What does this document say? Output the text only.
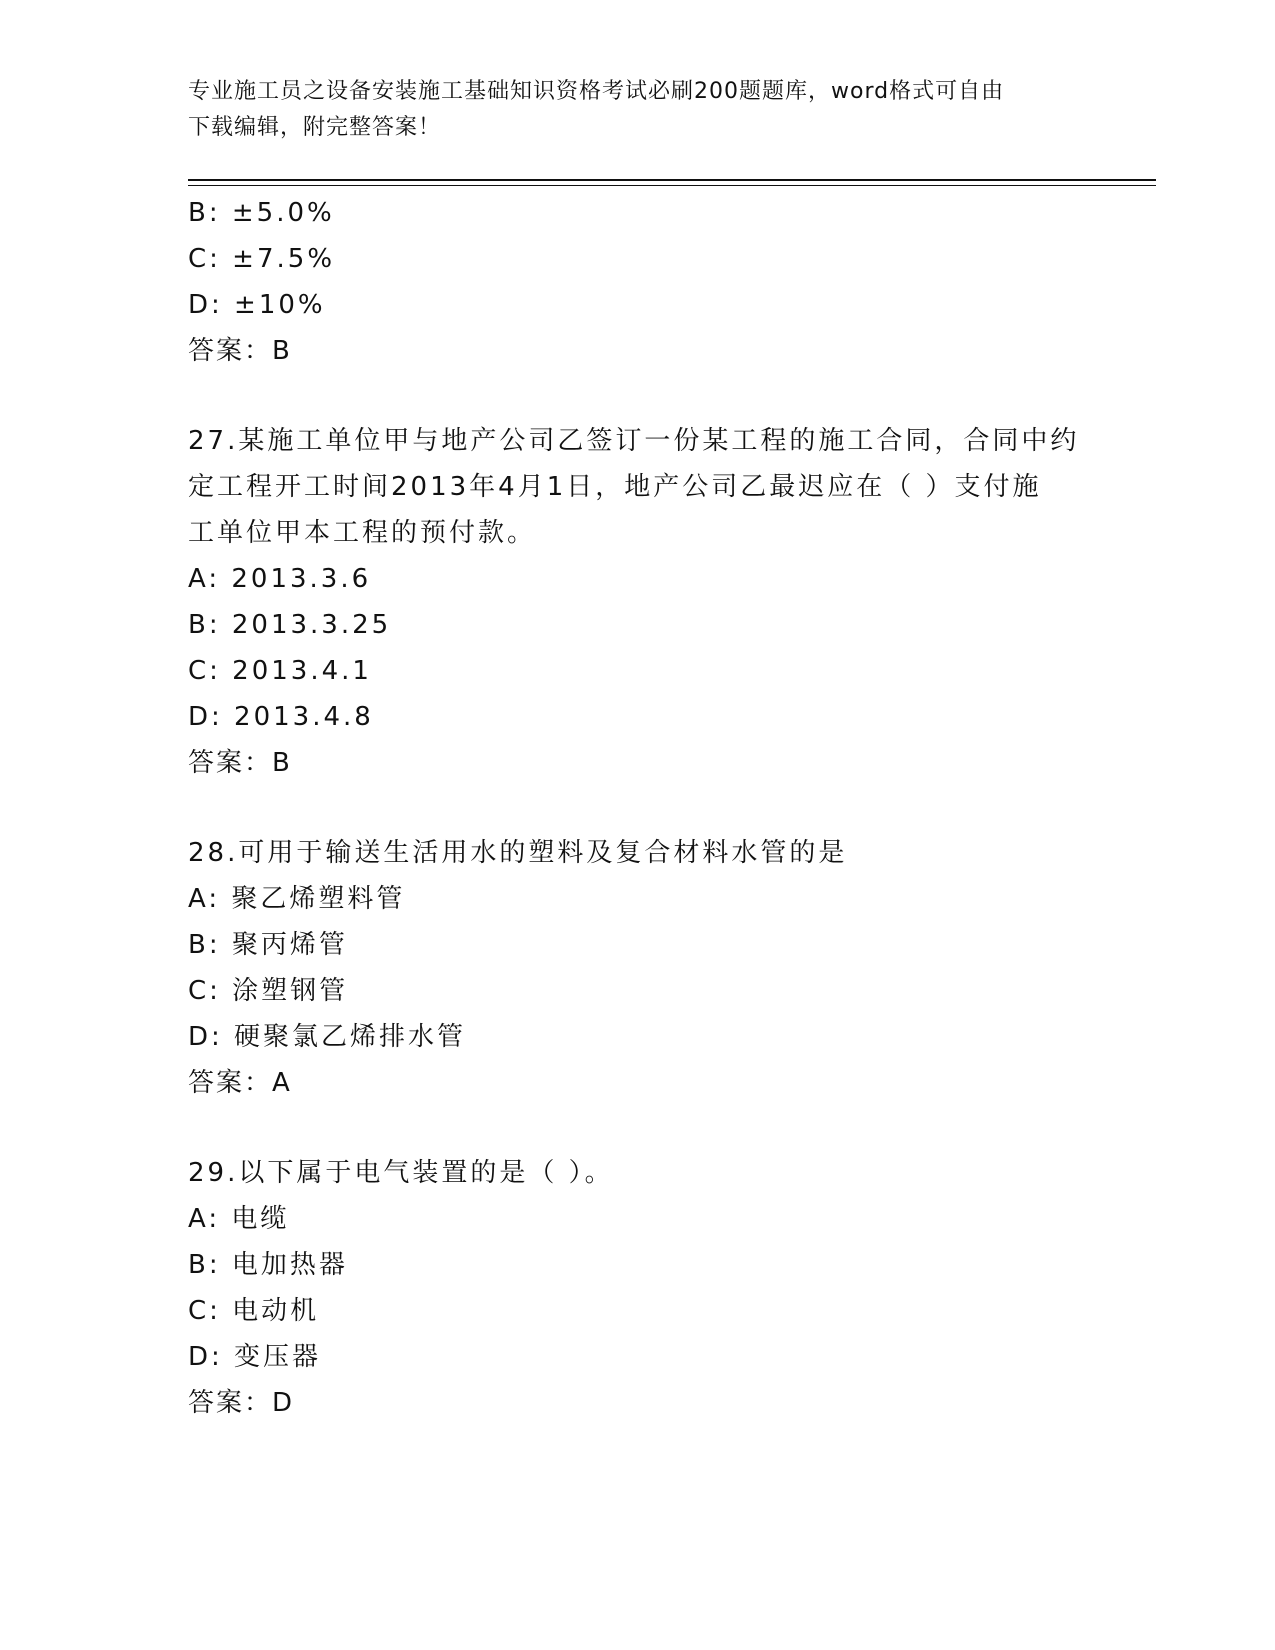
专业施工员之设备安装施工基础知识资格考试必刷200题题库，word格式可自由
下载编辑，附完整答案！
B: ±5.0%
C: ±7.5%
D: ±10%
答案：B
27.某施工单位甲与地产公司乙签订一份某工程的施工合同，合同中约
定工程开工时间2013年4月1日，地产公司乙最迟应在（ ）支付施
工单位甲本工程的预付款。
A: 2013.3.6
B: 2013.3.25
C: 2013.4.1
D: 2013.4.8
答案：B
28.可用于输送生活用水的塑料及复合材料水管的是
A: 聚乙烯塑料管
B: 聚丙烯管
C: 涂塑钢管
D: 硬聚氯乙烯排水管
答案：A
29.以下属于电气装置的是（ ）。
A: 电缆
B: 电加热器
C: 电动机
D: 变压器
答案：D
